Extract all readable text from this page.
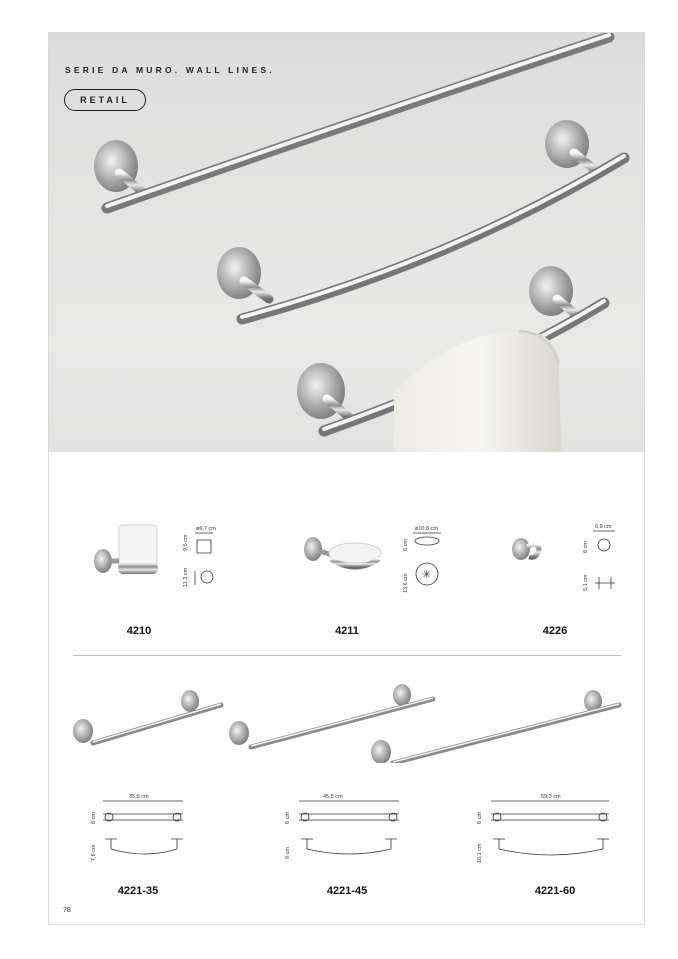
SERIE DA MURO. WALL LINES.
RETAIL
ø6,7 cm
9,5 cm
11,3 cm
4210
ø10,8 cm
6 cm
✳
13,6 cm
4211
6,9 cm
6 cm
5,1 cm
4226
35,5 cm
6 cm
7,6 cm
45,5 cm
6 cm
9 cm
59,3 cm
6 cm
10,1 cm
4221-35	4221-45	4221-60
78
